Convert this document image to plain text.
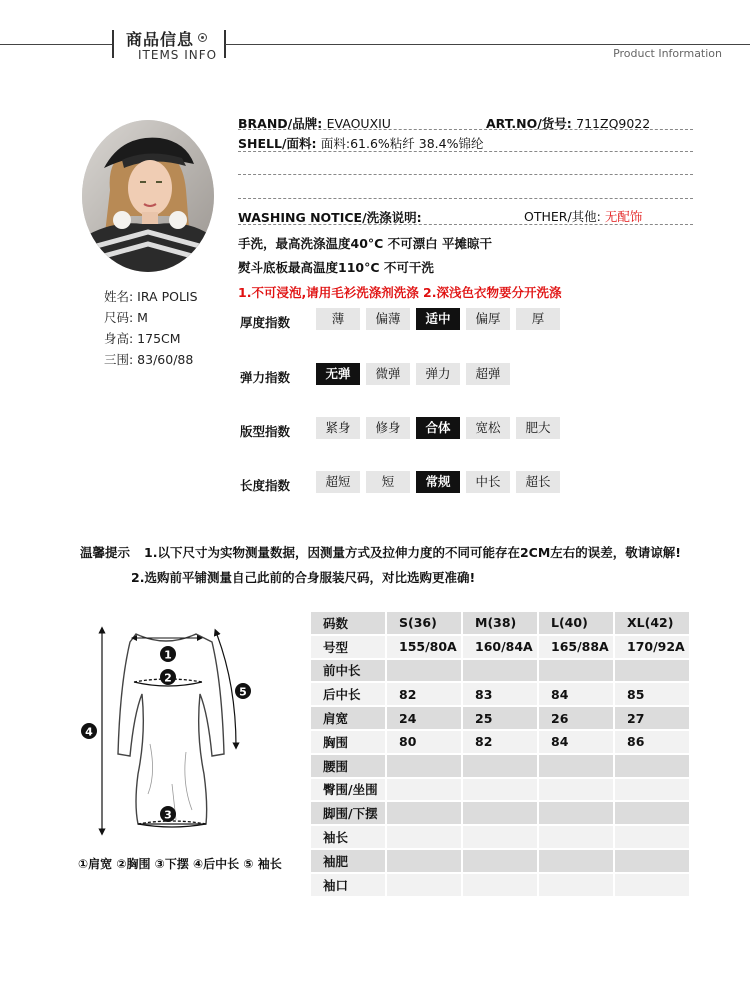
商品信息
ITEMS INFO	Product Information
姓名: IRA POLIS
尺码: M
身高: 175CM
三围: 83/60/88
BRAND/品牌: EVAOUXIU	ART.NO/货号: 711ZQ9022
SHELL/面料: 面料:61.6%粘纤 38.4%锦纶
WASHING NOTICE/洗涤说明:	OTHER/其他: 无配饰
手洗，最高洗涤温度40°C 不可漂白 平摊晾干
熨斗底板最高温度110°C 不可干洗
1.不可浸泡,请用毛衫洗涤剂洗涤 2.深浅色衣物要分开洗涤
厚度指数	薄	偏薄	适中	偏厚	厚
弹力指数	无弹	微弹	弹力	超弹
版型指数	紧身	修身	合体	宽松	肥大
长度指数	超短	短	常规	中长	超长
温馨提示 1.以下尺寸为实物测量数据，因测量方式及拉伸力度的不同可能存在2CM左右的误差，敬请谅解!
2.选购前平铺测量自己此前的合身服装尺码，对比选购更准确!
1
2
3
4
5
①肩宽 ②胸围 ③下摆 ④后中长 ⑤ 袖长
码数	S(36)	M(38)	L(40)	XL(42)
号型	155/80A	160/84A	165/88A	170/92A
前中长				
后中长	82	83	84	85
肩宽	24	25	26	27
胸围	80	82	84	86
腰围				
臀围/坐围				
脚围/下摆				
袖长				
袖肥				
袖口				
